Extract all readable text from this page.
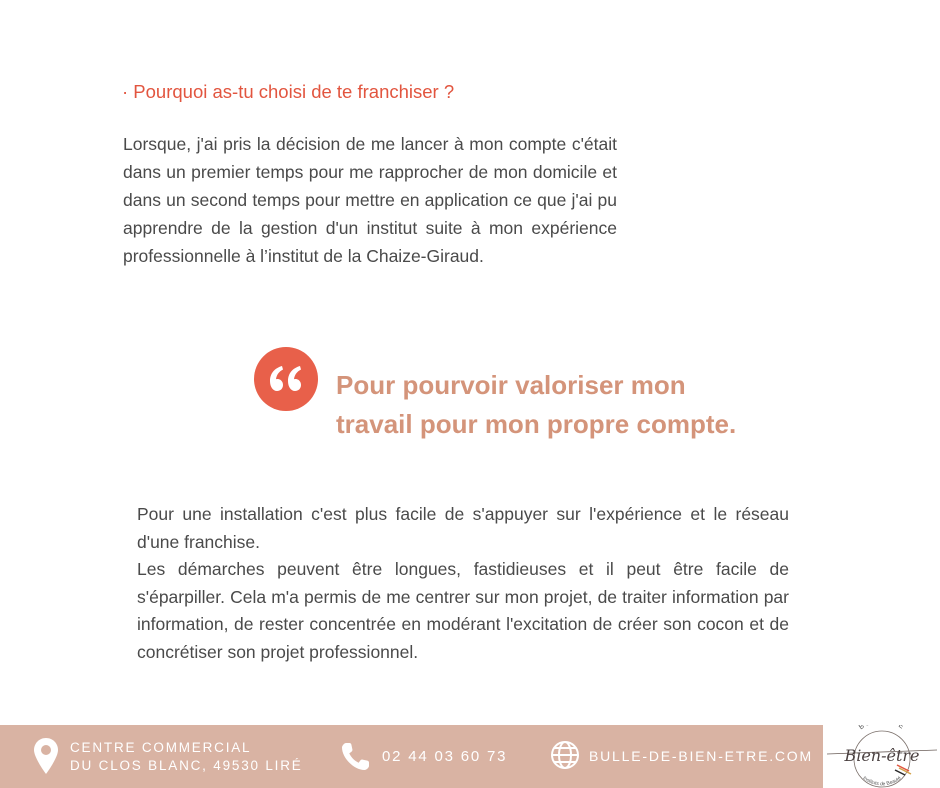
· Pourquoi as-tu choisi de te franchiser ?
Lorsque, j'ai pris la décision de me lancer à mon compte c'était dans un premier temps pour me rapprocher de mon domicile et dans un second temps pour mettre en application ce que j'ai pu apprendre de la gestion d'un institut suite à mon expérience professionnelle à l’institut de la Chaize-Giraud.
Pour pourvoir valoriser mon
travail pour mon propre compte.

Pour une installation c'est plus facile de s'appuyer sur l'expérience et le réseau d'une franchise.

Les démarches peuvent être longues, fastidieuses et il peut être facile de s'éparpiller. Cela m'a permis de me centrer sur mon projet, de traiter information par information, de rester concentrée en modérant l'excitation de créer son cocon et de concrétiser son projet professionnel.

CENTRE COMMERCIAL
DU CLOS BLANC, 49530 LIRÉ
02 44 03 60 73	BULLE-DE-BIEN-ETRE.COM
B E
Bien-être
Instituts de Beauté
